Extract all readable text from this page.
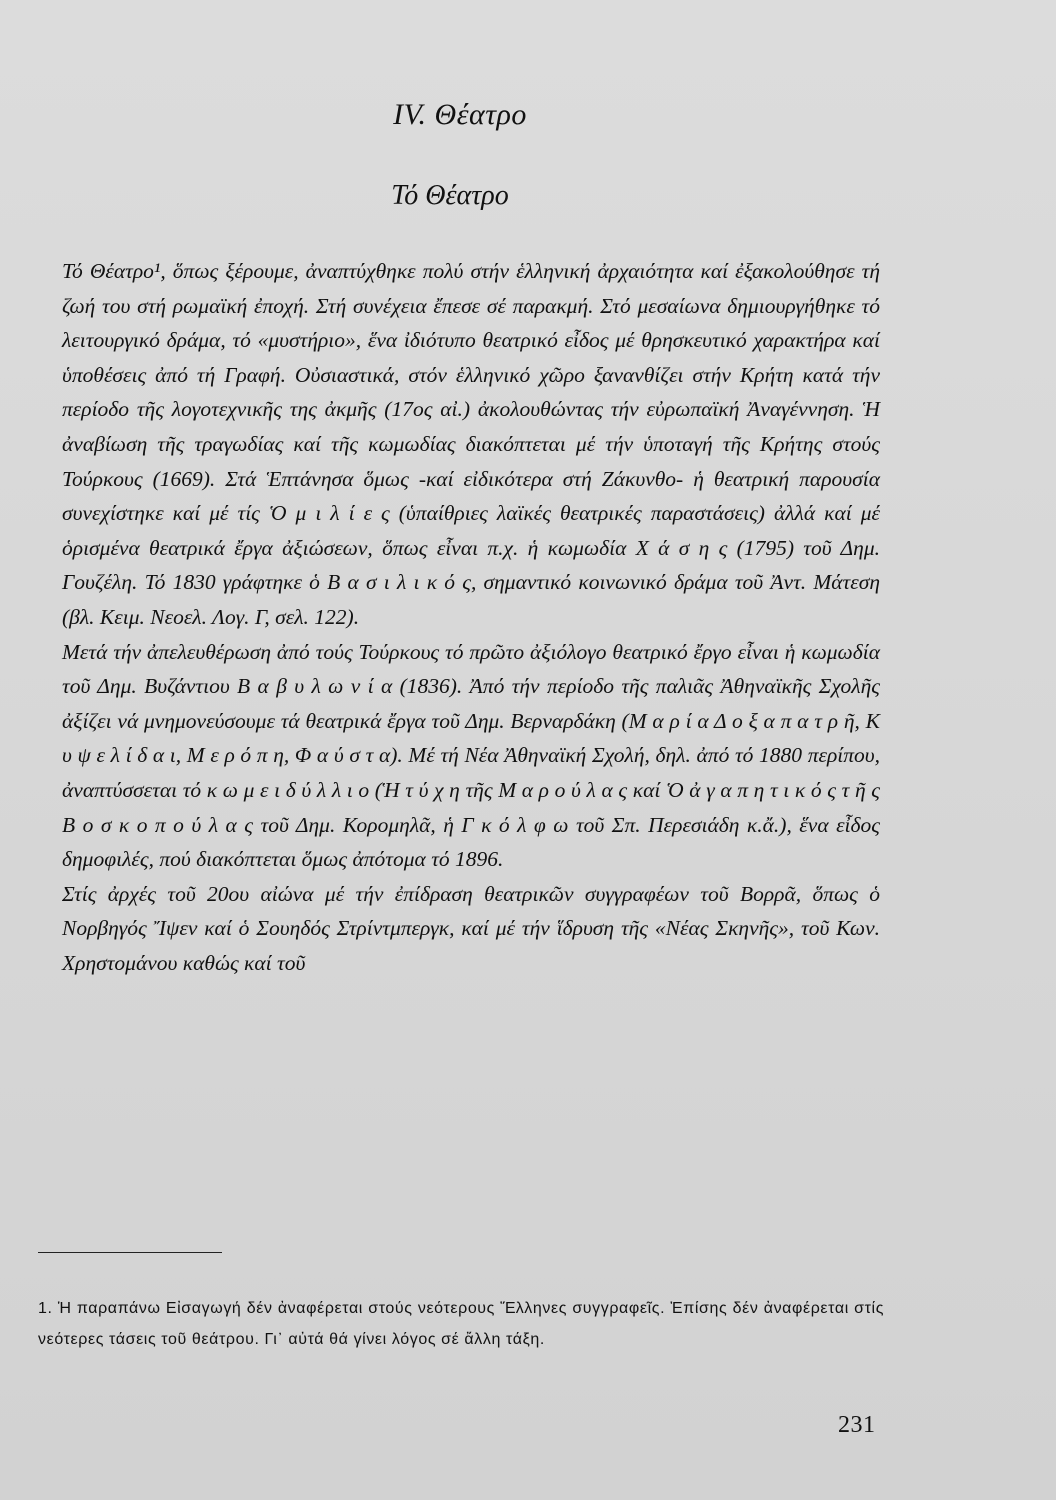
IV. Θέατρο
Τό Θέατρο

Τό Θέατρο¹, ὅπως ξέρουμε, ἀναπτύχθηκε πολύ στήν ἑλληνική ἀρχαιότητα καί ἐξακολούθησε τή ζωή του στή ρωμαϊκή ἐποχή. Στή συνέχεια ἔπεσε σέ παρακμή. Στό μεσαίωνα δημιουργήθηκε τό λειτουργικό δράμα, τό «μυστήριο», ἕνα ἰδιότυπο θεατρικό εἶδος μέ θρησκευτικό χαρακτήρα καί ὑποθέσεις ἀπό τή Γραφή. Οὐσιαστικά, στόν ἑλληνικό χῶρο ξανανθίζει στήν Κρήτη κατά τήν περίοδο τῆς λογοτεχνικῆς της ἀκμῆς (17ος αἰ.) ἀκολουθώντας τήν εὐρωπαϊκή Ἀναγέννηση. Ἡ ἀναβίωση τῆς τραγωδίας καί τῆς κωμωδίας διακόπτεται μέ τήν ὑποταγή τῆς Κρήτης στούς Τούρκους (1669). Στά Ἑπτάνησα ὅμως -καί εἰδικότερα στή Ζάκυνθο- ἡ θεατρική παρουσία συνεχίστηκε καί μέ τίς Ὁ μ ι λ ί ε ς (ὑπαίθριες λαϊκές θεατρικές παραστάσεις) ἀλλά καί μέ ὁρισμένα θεατρικά ἔργα ἀξιώσεων, ὅπως εἶναι π.χ. ἡ κωμωδία Χ ά σ η ς (1795) τοῦ Δημ. Γουζέλη. Τό 1830 γράφτηκε ὁ Β α σ ι λ ι κ ό ς, σημαντικό κοινωνικό δράμα τοῦ Ἀντ. Μάτεση (βλ. Κειμ. Νεοελ. Λογ. Γ, σελ. 122).

Μετά τήν ἀπελευθέρωση ἀπό τούς Τούρκους τό πρῶτο ἀξιόλογο θεατρικό ἔργο εἶναι ἡ κωμωδία τοῦ Δημ. Βυζάντιου Β α β υ λ ω ν ί α (1836). Ἀπό τήν περίοδο τῆς παλιᾶς Ἀθηναϊκῆς Σχολῆς ἀξίζει νά μνημονεύσουμε τά θεατρικά ἔργα τοῦ Δημ. Βερναρδάκη (Μ α ρ ί α Δ ο ξ α π α τ ρ ῆ, Κ υ ψ ε λ ί δ α ι, Μ ε ρ ό π η, Φ α ύ σ τ α). Μέ τή Νέα Ἀθηναϊκή Σχολή, δηλ. ἀπό τό 1880 περίπου, ἀναπτύσσεται τό κ ω μ ε ι δ ύ λ λ ι ο (Ἡ τ ύ χ η τῆς Μ α ρ ο ύ λ α ς καί Ὁ ἀ γ α π η τ ι κ ό ς τ ῆ ς Β ο σ κ ο π ο ύ λ α ς τοῦ Δημ. Κορομηλᾶ, ἡ Γ κ ό λ φ ω τοῦ Σπ. Περεσιάδη κ.ἄ.), ἕνα εἶδος δημοφιλές, πού διακόπτεται ὅμως ἀπότομα τό 1896.

Στίς ἀρχές τοῦ 20ου αἰώνα μέ τήν ἐπίδραση θεατρικῶν συγγραφέων τοῦ Βορρᾶ, ὅπως ὁ Νορβηγός Ἴψεν καί ὁ Σουηδός Στρίντμπεργκ, καί μέ τήν ἵδρυση τῆς «Νέας Σκηνῆς», τοῦ Κων. Χρηστομάνου καθώς καί τοῦ

1. Ἡ παραπάνω Εἰσαγωγή δέν ἀναφέρεται στούς νεότερους Ἕλληνες συγγραφεῖς. Ἐπίσης δέν ἀναφέρεται στίς νεότερες τάσεις τοῦ θεάτρου. Γι᾽ αὐτά θά γίνει λόγος σέ ἄλλη τάξη.
231
